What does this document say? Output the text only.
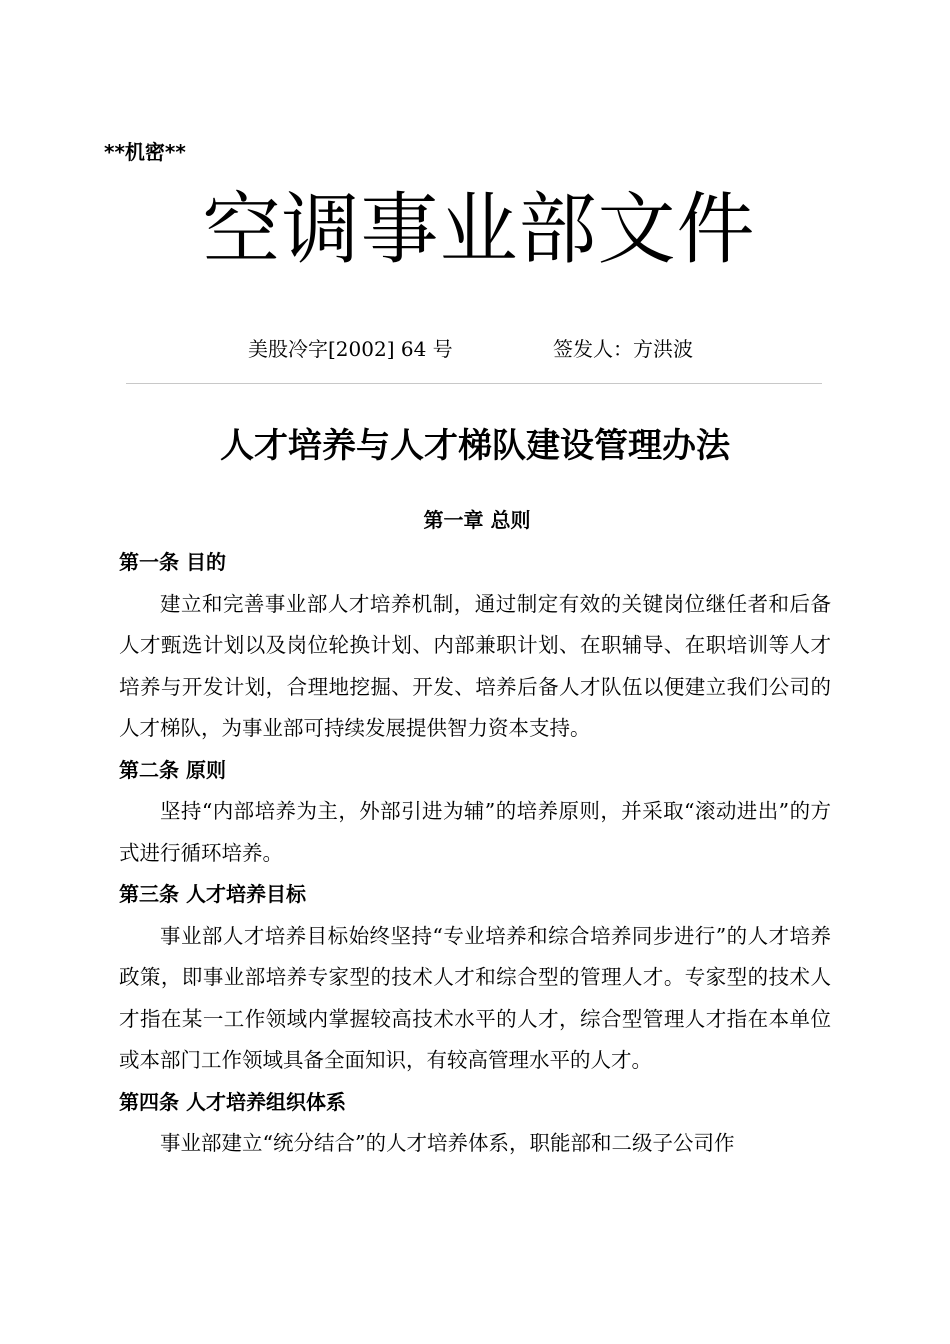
**机密**
空调事业部文件
美股冷字[2002] 64 号	签发人：方洪波
人才培养与人才梯队建设管理办法
第一章 总则
第一条 目的

建立和完善事业部人才培养机制，通过制定有效的关键岗位继任者和后备人才甄选计划以及岗位轮换计划、内部兼职计划、在职辅导、在职培训等人才培养与开发计划，合理地挖掘、开发、培养后备人才队伍以便建立我们公司的人才梯队，为事业部可持续发展提供智力资本支持。

第二条 原则

坚持“内部培养为主，外部引进为辅”的培养原则，并采取“滚动进出”的方式进行循环培养。

第三条 人才培养目标

事业部人才培养目标始终坚持“专业培养和综合培养同步进行”的人才培养政策，即事业部培养专家型的技术人才和综合型的管理人才。专家型的技术人才指在某一工作领域内掌握较高技术水平的人才，综合型管理人才指在本单位或本部门工作领域具备全面知识，有较高管理水平的人才。

第四条 人才培养组织体系

事业部建立“统分结合”的人才培养体系，职能部和二级子公司作
